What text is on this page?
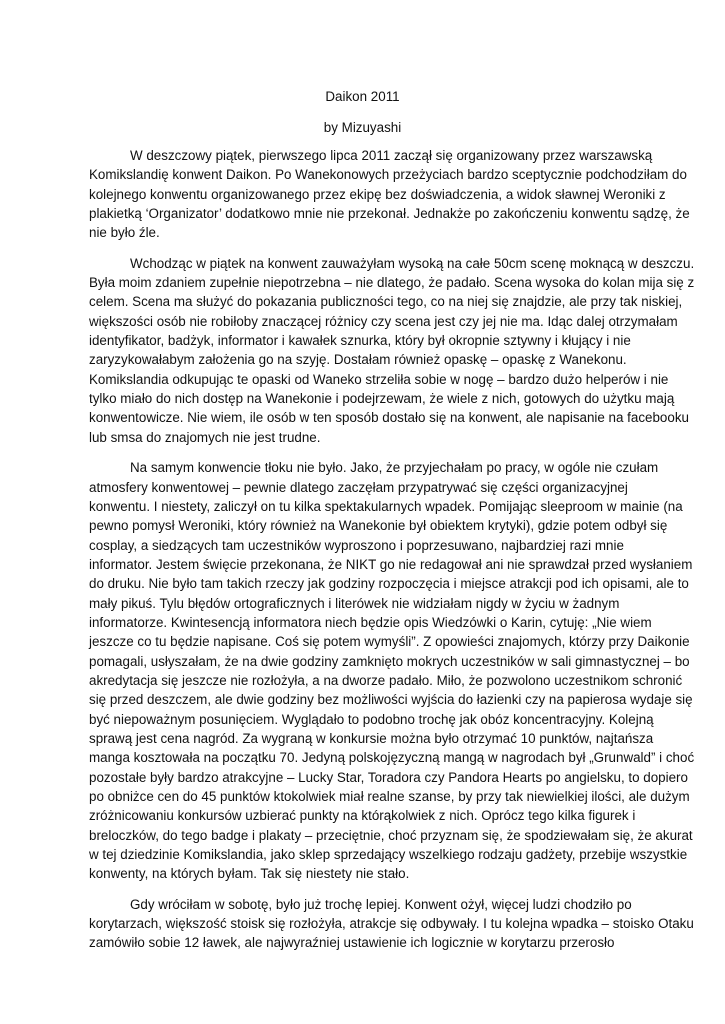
Daikon 2011
by Mizuyashi
W deszczowy piątek, pierwszego lipca 2011 zaczął się organizowany przez warszawską
Komikslandię konwent Daikon. Po Wanekonowych przeżyciach bardzo sceptycznie podchodziłam do
kolejnego konwentu organizowanego przez ekipę bez doświadczenia, a widok sławnej Weroniki z
plakietką ‘Organizator’ dodatkowo mnie nie przekonał. Jednakże po zakończeniu konwentu sądzę, że
nie było źle.
Wchodząc w piątek na konwent zauważyłam wysoką na całe 50cm scenę moknącą w deszczu.
Była moim zdaniem zupełnie niepotrzebna – nie dlatego, że padało. Scena wysoka do kolan mija się z
celem. Scena ma służyć do pokazania publiczności tego, co na niej się znajdzie, ale przy tak niskiej,
większości osób nie robiłoby znaczącej różnicy czy scena jest czy jej nie ma. Idąc dalej otrzymałam
identyfikator, badżyk, informator i kawałek sznurka, który był okropnie sztywny i kłujący i nie
zaryzykowałabym założenia go na szyję. Dostałam również opaskę – opaskę z Wanekonu.
Komikslandia odkupując te opaski od Waneko strzeliła sobie w nogę – bardzo dużo helperów i nie
tylko miało do nich dostęp na Wanekonie i podejrzewam, że wiele z nich, gotowych do użytku mają
konwentowicze. Nie wiem, ile osób w ten sposób dostało się na konwent, ale napisanie na facebooku
lub smsa do znajomych nie jest trudne.
Na samym konwencie tłoku nie było. Jako, że przyjechałam po pracy, w ogóle nie czułam
atmosfery konwentowej – pewnie dlatego zaczęłam przypatrywać się części organizacyjnej
konwentu. I niestety, zaliczył on tu kilka spektakularnych wpadek. Pomijając sleeproom w mainie (na
pewno pomysł Weroniki, który również na Wanekonie był obiektem krytyki), gdzie potem odbył się
cosplay, a siedzących tam uczestników wyproszono i poprzesuwano, najbardziej razi mnie
informator. Jestem święcie przekonana, że NIKT go nie redagował ani nie sprawdzał przed wysłaniem
do druku. Nie było tam takich rzeczy jak godziny rozpoczęcia i miejsce atrakcji pod ich opisami, ale to
mały pikuś. Tylu błędów ortograficznych i literówek nie widziałam nigdy w życiu w żadnym
informatorze. Kwintesencją informatora niech będzie opis Wiedzówki o Karin, cytuję: „Nie wiem
jeszcze co tu będzie napisane. Coś się potem wymyśli”. Z opowieści znajomych, którzy przy Daikonie
pomagali, usłyszałam, że na dwie godziny zamknięto mokrych uczestników w sali gimnastycznej – bo
akredytacja się jeszcze nie rozłożyła, a na dworze padało. Miło, że pozwolono uczestnikom schronić
się przed deszczem, ale dwie godziny bez możliwości wyjścia do łazienki czy na papierosa wydaje się
być niepoważnym posunięciem. Wyglądało to podobno trochę jak obóz koncentracyjny. Kolejną
sprawą jest cena nagród. Za wygraną w konkursie można było otrzymać 10 punktów, najtańsza
manga kosztowała na początku 70. Jedyną polskojęzyczną mangą w nagrodach był „Grunwald” i choć
pozostałe były bardzo atrakcyjne – Lucky Star, Toradora czy Pandora Hearts po angielsku, to dopiero
po obniżce cen do 45 punktów ktokolwiek miał realne szanse, by przy tak niewielkiej ilości, ale dużym
zróżnicowaniu konkursów uzbierać punkty na którąkolwiek z nich. Oprócz tego kilka figurek i
breloczków, do tego badge i plakaty – przeciętnie, choć przyznam się, że spodziewałam się, że akurat
w tej dziedzinie Komikslandia, jako sklep sprzedający wszelkiego rodzaju gadżety, przebije wszystkie
konwenty, na których byłam. Tak się niestety nie stało.
Gdy wróciłam w sobotę, było już trochę lepiej. Konwent ożył, więcej ludzi chodziło po
korytarzach, większość stoisk się rozłożyła, atrakcje się odbywały. I tu kolejna wpadka – stoisko Otaku
zamówiło sobie 12 ławek, ale najwyraźniej ustawienie ich logicznie w korytarzu przerosło
